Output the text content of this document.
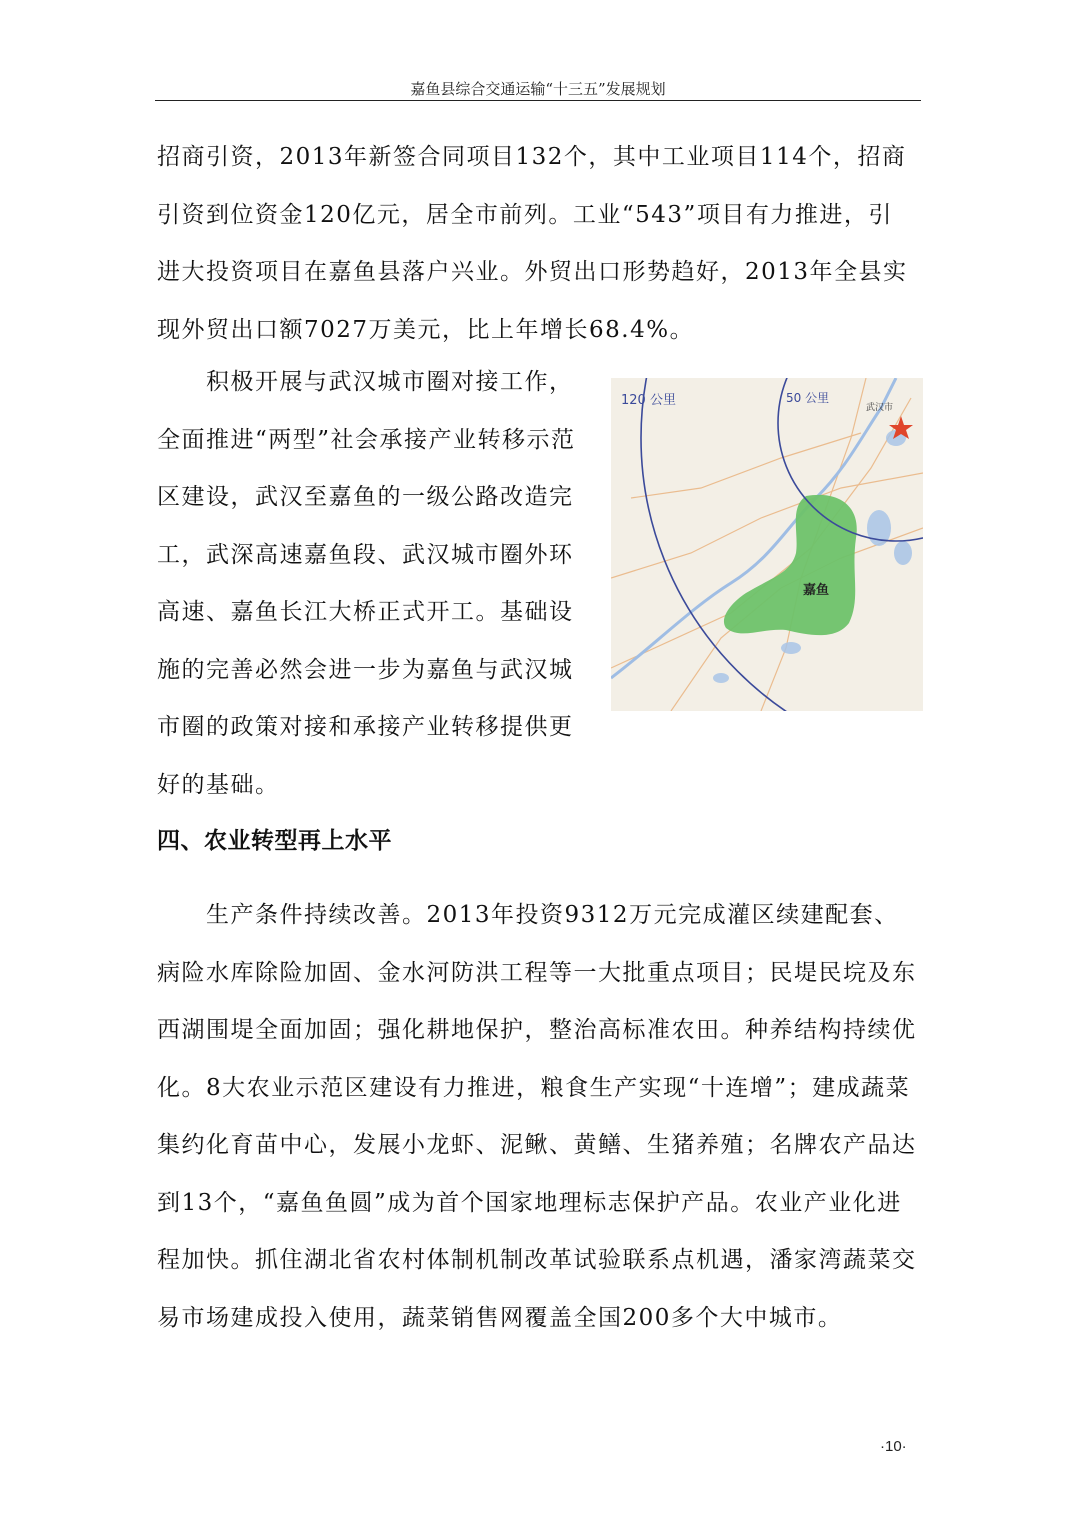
嘉鱼县综合交通运输“十三五”发展规划

招商引资，2013年新签合同项目132个，其中工业项目114个，招商引资到位资金120亿元，居全市前列。工业“543”项目有力推进，引进大投资项目在嘉鱼县落户兴业。外贸出口形势趋好，2013年全县实现外贸出口额7027万美元，比上年增长68.4%。

　　积极开展与武汉城市圈对接工作，全面推进“两型”社会承接产业转移示范区建设，武汉至嘉鱼的一级公路改造完工，武深高速嘉鱼段、武汉城市圈外环高速、嘉鱼长江大桥正式开工。基础设施的完善必然会进一步为嘉鱼与武汉城市圈的政策对接和承接产业转移提供更好的基础。

120 公里	50 公里
武汉市
嘉鱼
四、农业转型再上水平

　　生产条件持续改善。2013年投资9312万元完成灌区续建配套、病险水库除险加固、金水河防洪工程等一大批重点项目；民堤民垸及东西湖围堤全面加固；强化耕地保护，整治高标准农田。种养结构持续优化。8大农业示范区建设有力推进，粮食生产实现“十连增”；建成蔬菜集约化育苗中心，发展小龙虾、泥鳅、黄鳝、生猪养殖；名牌农产品达到13个，“嘉鱼鱼圆”成为首个国家地理标志保护产品。农业产业化进程加快。抓住湖北省农村体制机制改革试验联系点机遇，潘家湾蔬菜交易市场建成投入使用，蔬菜销售网覆盖全国200多个大中城市。

·10·
